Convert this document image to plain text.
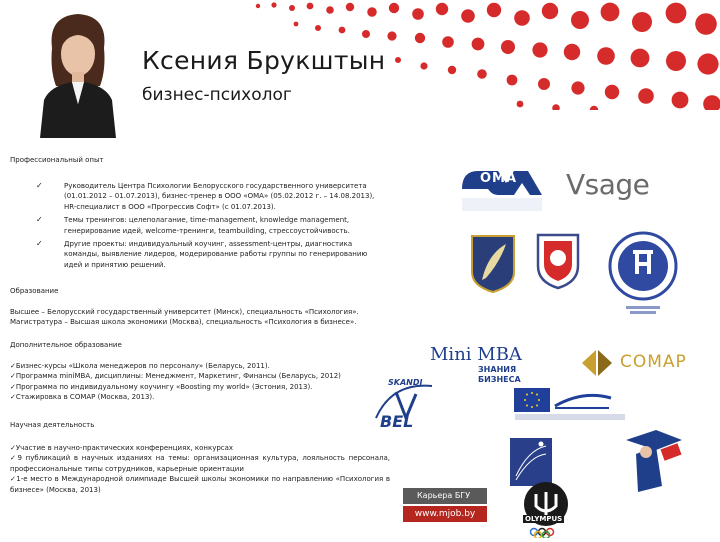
Ксения Брукштын
бизнес-психолог
Профессиональный опыт
✓	Руководитель Центра Психологии Белорусского государственного университета (01.01.2012 – 01.07.2013), бизнес-тренер в ООО «ОМА» (05.02.2012 г. – 14.08.2013), HR-специалист в ООО «Прогрессив Софт» (с 01.07.2013).
✓	Темы тренингов: целеполагание, time-management, knowledge management, генерирование идей, welcome-тренинги, teambuilding, стрессоустойчивость.
✓	Другие проекты: индивидуальный коучинг, assessment-центры, диагностика команды, выявление лидеров, модерирование работы группы по генерированию идей и принятию решений.
Образование
Высшее – Белорусский государственный университет (Минск), специальность «Психология».
Магистратура – Высшая школа экономики (Москва), специальность «Психология в бизнесе».
Дополнительное образование
✓Бизнес-курсы «Школа менеджеров по персоналу» (Беларусь, 2011).
✓Программа miniMBA, дисциплины: Менеджмент, Маркетинг, Финансы (Беларусь, 2012)
✓Программа по индивидуальному коучингу «Boosting my world» (Эстония, 2013).
✓Стажировка в COMAP (Москва, 2013).
Научная деятельность
✓Участие в научно-практических конференциях, конкурсах
✓9 публикаций в научных изданиях на темы: организационная культура, лояльность персонала, профессиональные типы сотрудников, карьерные ориентации
✓1-е место в Международной олимпиаде Высшей школы экономики по направлению «Психология в бизнесе» (Москва, 2013)
OMA Vsage
Mini MBA
ЗНАНИЯ
БИЗНЕСА
COMAP
SKANDI
BEL
Карьера БГУ
www.mjob.by	OLYMPUS
